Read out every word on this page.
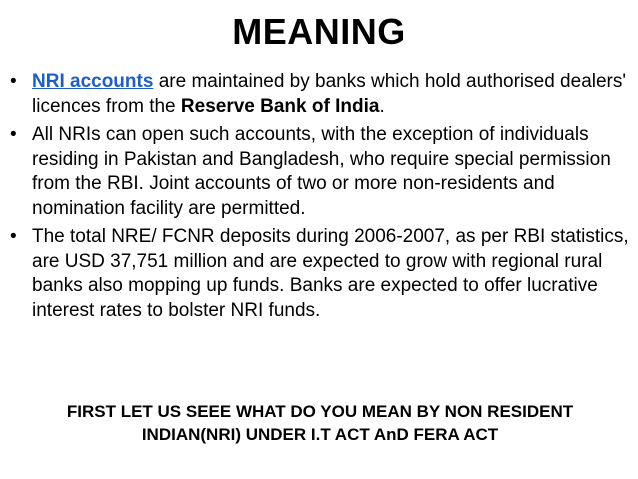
MEANING
• NRI accounts are maintained by banks which hold authorised dealers' licences from the Reserve Bank of India.
• All NRIs can open such accounts, with the exception of individuals residing in Pakistan and Bangladesh, who require special permission from the RBI. Joint accounts of two or more non-residents and nomination facility are permitted.
• The total NRE/ FCNR deposits during 2006-2007, as per RBI statistics, are USD 37,751 million and are expected to grow with regional rural banks also mopping up funds. Banks are expected to offer lucrative interest rates to bolster NRI funds.
FIRST LET US SEEE WHAT DO YOU MEAN BY NON RESIDENT INDIAN(NRI) UNDER I.T ACT AnD FERA ACT
